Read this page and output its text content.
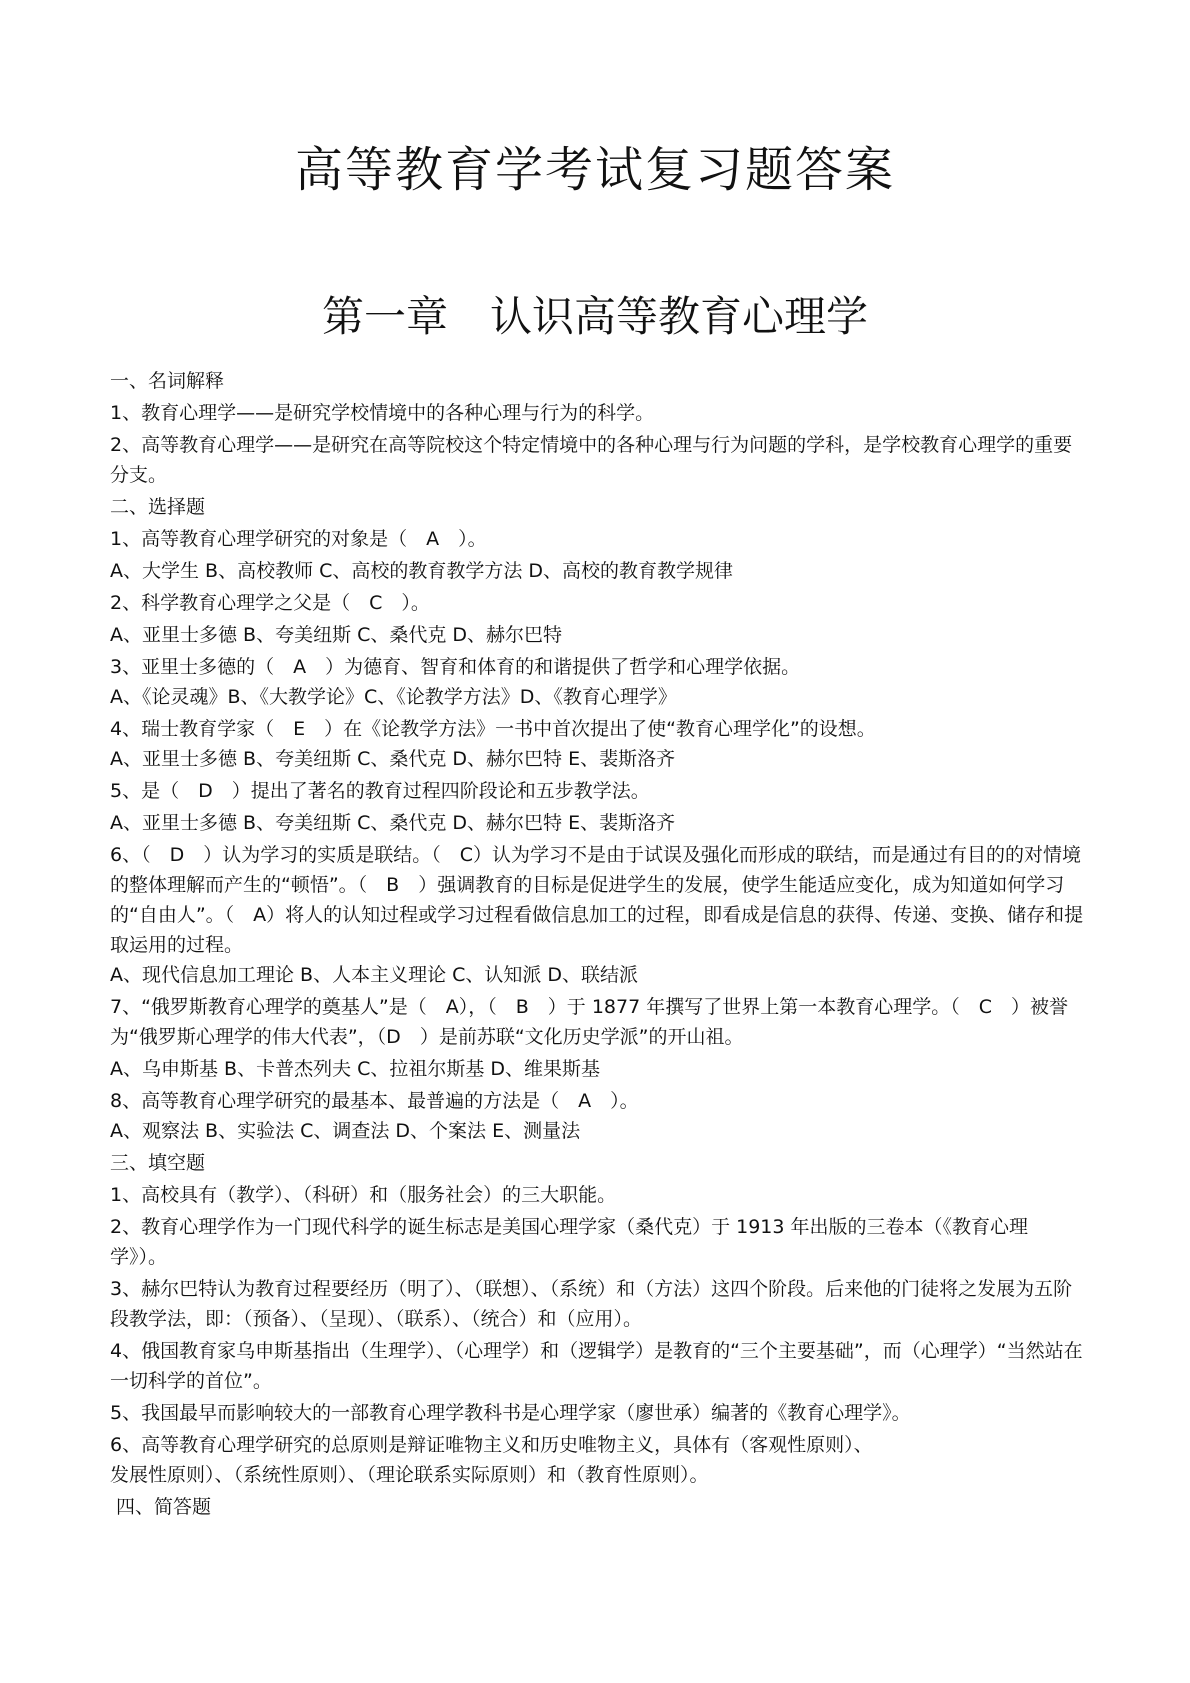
高等教育学考试复习题答案
第一章　认识高等教育心理学

一、名词解释

1、教育心理学——是研究学校情境中的各种心理与行为的科学。

2、高等教育心理学——是研究在高等院校这个特定情境中的各种心理与行为问题的学科，是学校教育心理学的重要分支。

二、选择题

1、高等教育心理学研究的对象是（　A　）。

A、大学生 B、高校教师 C、高校的教育教学方法 D、高校的教育教学规律

2、科学教育心理学之父是（　C　）。

A、亚里士多德 B、夸美纽斯 C、桑代克 D、赫尔巴特

3、亚里士多德的（　A　）为德育、智育和体育的和谐提供了哲学和心理学依据。

A、《论灵魂》B、《大教学论》C、《论教学方法》D、《教育心理学》

4、瑞士教育学家（　E　）在《论教学方法》一书中首次提出了使“教育心理学化”的设想。

A、亚里士多德 B、夸美纽斯 C、桑代克 D、赫尔巴特 E、裴斯洛齐

5、是（　D　）提出了著名的教育过程四阶段论和五步教学法。

A、亚里士多德 B、夸美纽斯 C、桑代克 D、赫尔巴特 E、裴斯洛齐

6、（　D　）认为学习的实质是联结。（　C）认为学习不是由于试误及强化而形成的联结，而是通过有目的的对情境的整体理解而产生的“顿悟”。（　B　）强调教育的目标是促进学生的发展，使学生能适应变化，成为知道如何学习的“自由人”。（　A）将人的认知过程或学习过程看做信息加工的过程，即看成是信息的获得、传递、变换、储存和提取运用的过程。

A、现代信息加工理论 B、人本主义理论 C、认知派 D、联结派

7、“俄罗斯教育心理学的奠基人”是（　A），（　B　）于 1877 年撰写了世界上第一本教育心理学。（　C　）被誉为“俄罗斯心理学的伟大代表”，（D　）是前苏联“文化历史学派”的开山祖。

A、乌申斯基 B、卡普杰列夫 C、拉祖尔斯基 D、维果斯基

8、高等教育心理学研究的最基本、最普遍的方法是（　A　）。

A、观察法 B、实验法 C、调查法 D、个案法 E、测量法

三、填空题

1、高校具有（教学）、（科研）和（服务社会）的三大职能。

2、教育心理学作为一门现代科学的诞生标志是美国心理学家（桑代克）于 1913 年出版的三卷本（《教育心理学》）。

3、赫尔巴特认为教育过程要经历（明了）、（联想）、（系统）和（方法）这四个阶段。后来他的门徒将之发展为五阶段教学法，即：（预备）、（呈现）、（联系）、（统合）和（应用）。

4、俄国教育家乌申斯基指出（生理学）、（心理学）和（逻辑学）是教育的“三个主要基础”，而（心理学）“当然站在一切科学的首位”。

5、我国最早而影响较大的一部教育心理学教科书是心理学家（廖世承）编著的《教育心理学》。

6、高等教育心理学研究的总原则是辩证唯物主义和历史唯物主义，具体有（客观性原则）、

发展性原则）、（系统性原则）、（理论联系实际原则）和（教育性原则）。

四、简答题
